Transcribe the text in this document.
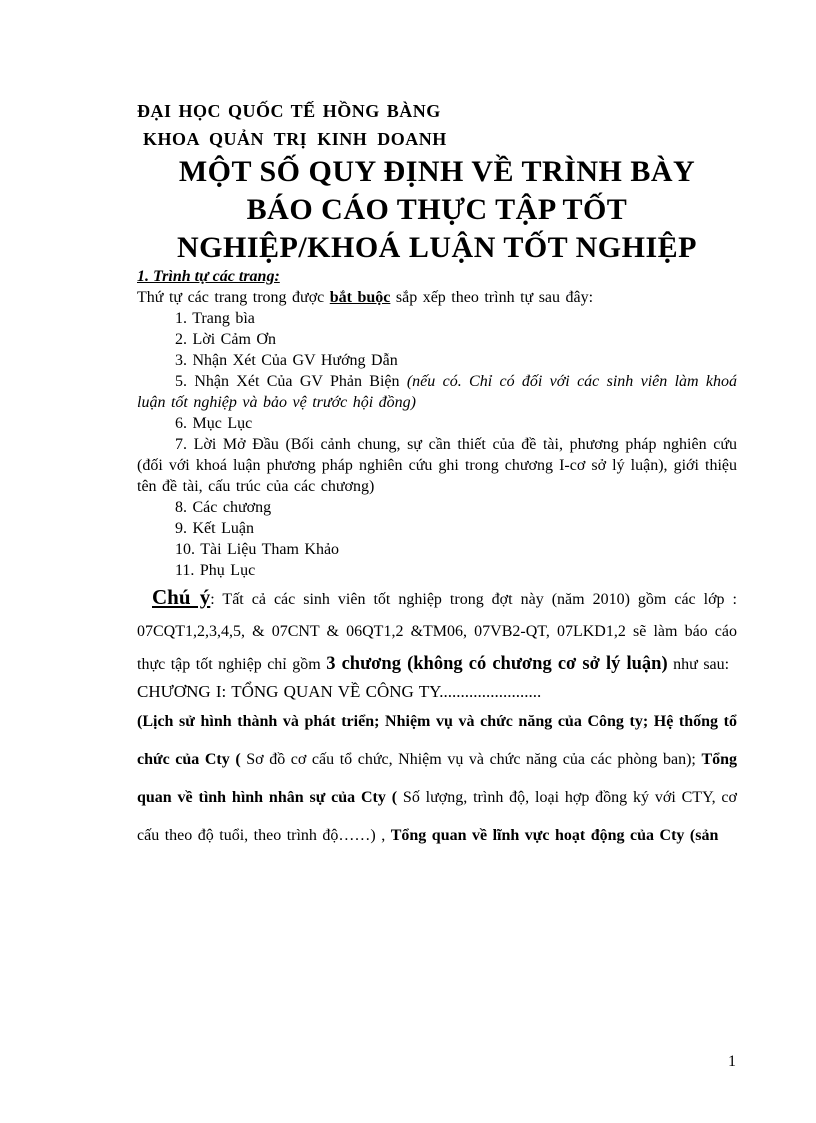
ĐẠI HỌC QUỐC TẾ HỒNG BÀNG
KHOA QUẢN TRỊ KINH DOANH
MỘT SỐ QUY ĐỊNH VỀ TRÌNH BÀY
BÁO CÁO THỰC TẬP TỐT
NGHIỆP/KHOÁ LUẬN TỐT NGHIỆP
1. Trình tự các trang:

Thứ tự các trang trong được bắt buộc sắp xếp theo trình tự sau đây:

1. Trang bìa
2. Lời Cảm Ơn
3. Nhận Xét Của GV Hướng Dẫn
5. Nhận Xét Của GV Phản Biện (nếu có. Chỉ có đối với các sinh viên làm khoá luận tốt nghiệp và bảo vệ trước hội đồng)
6. Mục Lục
7. Lời Mở Đầu (Bối cảnh chung, sự cần thiết của đề tài, phương pháp nghiên cứu (đối với khoá luận phương pháp nghiên cứu ghi trong chương I-cơ sở lý luận), giới thiệu tên đề tài, cấu trúc của các chương)
8. Các chương
9. Kết Luận
10. Tài Liệu Tham Khảo
11. Phụ Lục

Chú ý: Tất cả các sinh viên tốt nghiệp trong đợt này (năm 2010) gồm các lớp : 07CQT1,2,3,4,5, & 07CNT & 06QT1,2 &TM06, 07VB2-QT, 07LKD1,2 sẽ làm báo cáo thực tập tốt nghiệp chỉ gồm 3 chương (không có chương cơ sở lý luận) như sau:

CHƯƠNG I: TỔNG QUAN VỀ CÔNG TY........................

(Lịch sử hình thành và phát triển; Nhiệm vụ và chức năng của Công ty; Hệ thống tổ chức của Cty ( Sơ đồ cơ cấu tổ chức, Nhiệm vụ và chức năng của các phòng ban); Tổng quan về tình hình nhân sự của Cty ( Số lượng, trình độ, loại hợp đồng ký với CTY, cơ cấu theo độ tuổi, theo trình độ……) , Tổng quan về lĩnh vực hoạt động của Cty (sản

1
